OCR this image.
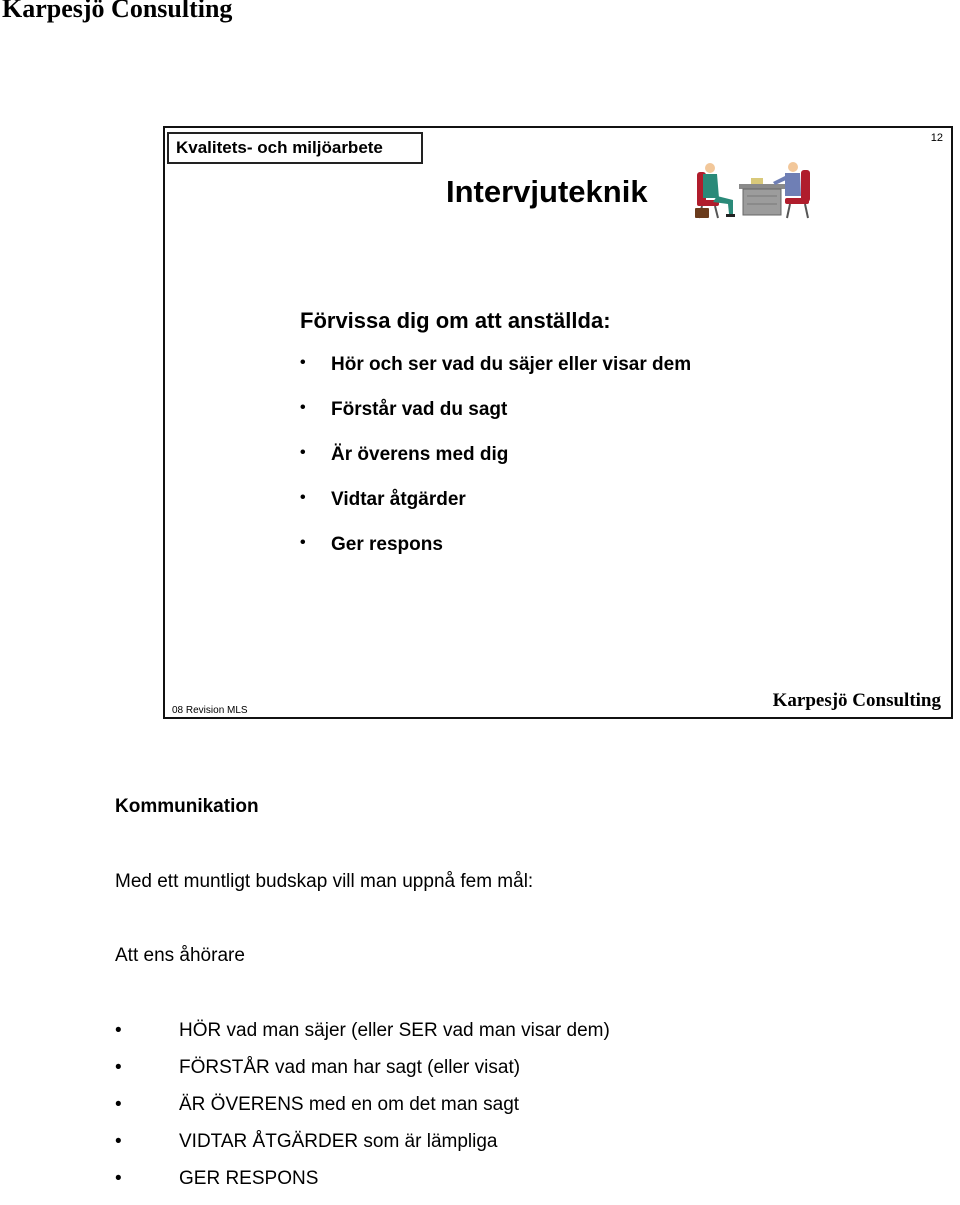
Karpesjö Consulting
Kvalitets- och miljöarbete	12
Intervjuteknik
Förvissa dig om att anställda:
• Hör och ser vad du säjer eller visar dem
• Förstår vad du sagt
• Är överens med dig
• Vidtar åtgärder
• Ger respons
08 Revision MLS	Karpesjö Consulting
Kommunikation
Med ett muntligt budskap vill man uppnå fem mål:
Att ens åhörare
•	HÖR vad man säjer (eller SER vad man visar dem)
•	FÖRSTÅR vad man har sagt (eller visat)
•	ÄR ÖVERENS med en om det man sagt
•	VIDTAR ÅTGÄRDER som är lämpliga
•	GER RESPONS
